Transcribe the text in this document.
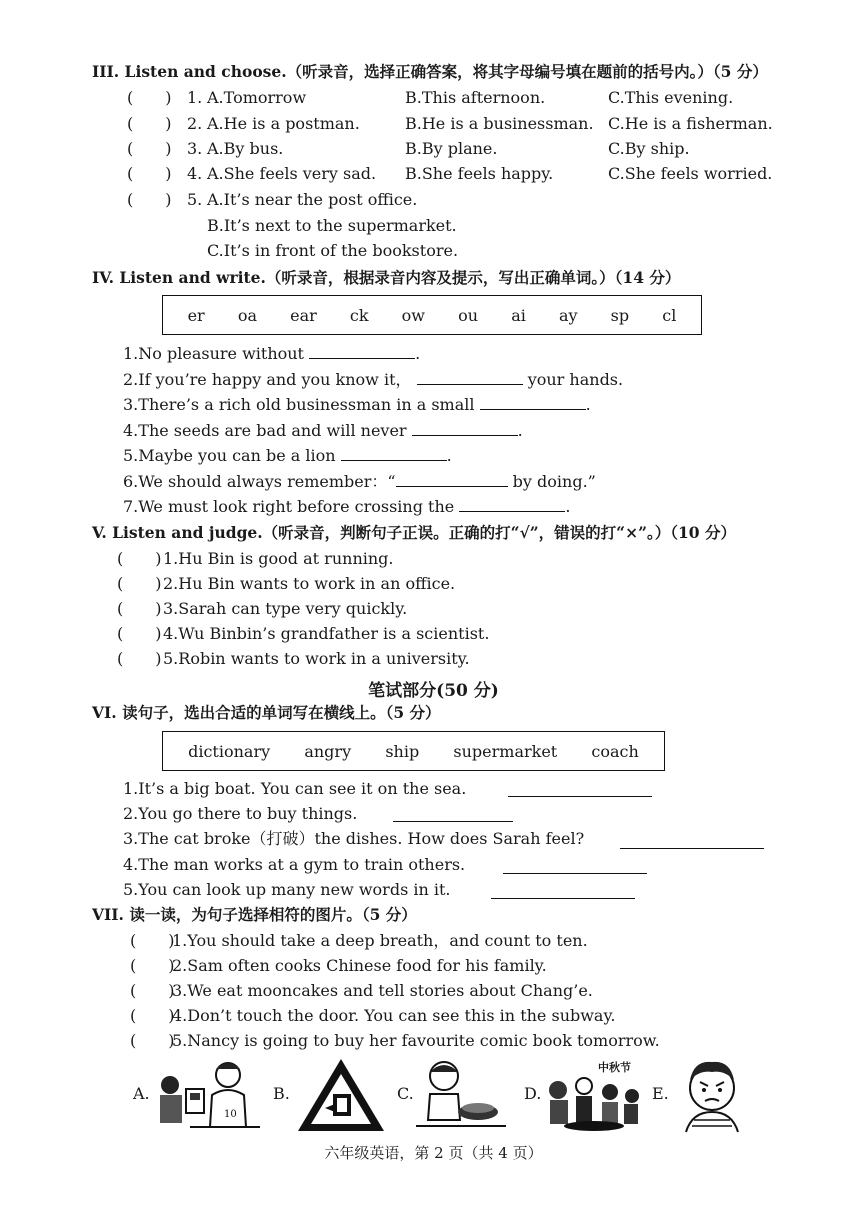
III. Listen and choose.（听录音，选择正确答案，将其字母编号填在题前的括号内。）（5 分）
(　　) 1. A.Tomorrow	B.This afternoon.	C.This evening.
(　　) 2. A.He is a postman.	B.He is a businessman. C.He is a fisherman.
(　　) 3. A.By bus.	B.By plane.	C.By ship.
(　　) 4. A.She feels very sad. B.She feels happy.	C.She feels worried.
(　　) 5. A.It’s near the post office.
B.It’s next to the supermarket.
C.It’s in front of the bookstore.
IV. Listen and write.（听录音，根据录音内容及提示，写出正确单词。）（14 分）
er oa ear ck ow ou ai ay sp cl
1.No pleasure without	.
2.If you’re happy and you know it，	your hands.
3.There’s a rich old businessman in a small	.
4.The seeds are bad and will never	.
5.Maybe you can be a lion	.
6.We should always remember：“	by doing.”
7.We must look right before crossing the	.
V. Listen and judge.（听录音，判断句子正误。正确的打“√”，错误的打“×”。）（10 分）
(　　)1.Hu Bin is good at running.
(　　)2.Hu Bin wants to work in an office.
(　　)3.Sarah can type very quickly.
(　　)4.Wu Binbin’s grandfather is a scientist.
(　　)5.Robin wants to work in a university.
笔试部分(50 分)
VI. 读句子，选出合适的单词写在横线上。（5 分）
dictionary angry ship supermarket coach
1.It’s a big boat. You can see it on the sea.
2.You go there to buy things.
3.The cat broke（打破）the dishes. How does Sarah feel?
4.The man works at a gym to train others.
5.You can look up many new words in it.
VII. 读一读，为句子选择相符的图片。（5 分）
(　　)1.You should take a deep breath，and count to ten.
(　　)2.Sam often cooks Chinese food for his family.
(　　)3.We eat mooncakes and tell stories about Chang’e.
(　　)4.Don’t touch the door. You can see this in the subway.
(　　)5.Nancy is going to buy her favourite comic book tomorrow.
A.
10
B.	C.	D.
中秋节
E.
六年级英语，第 2 页（共 4 页）
